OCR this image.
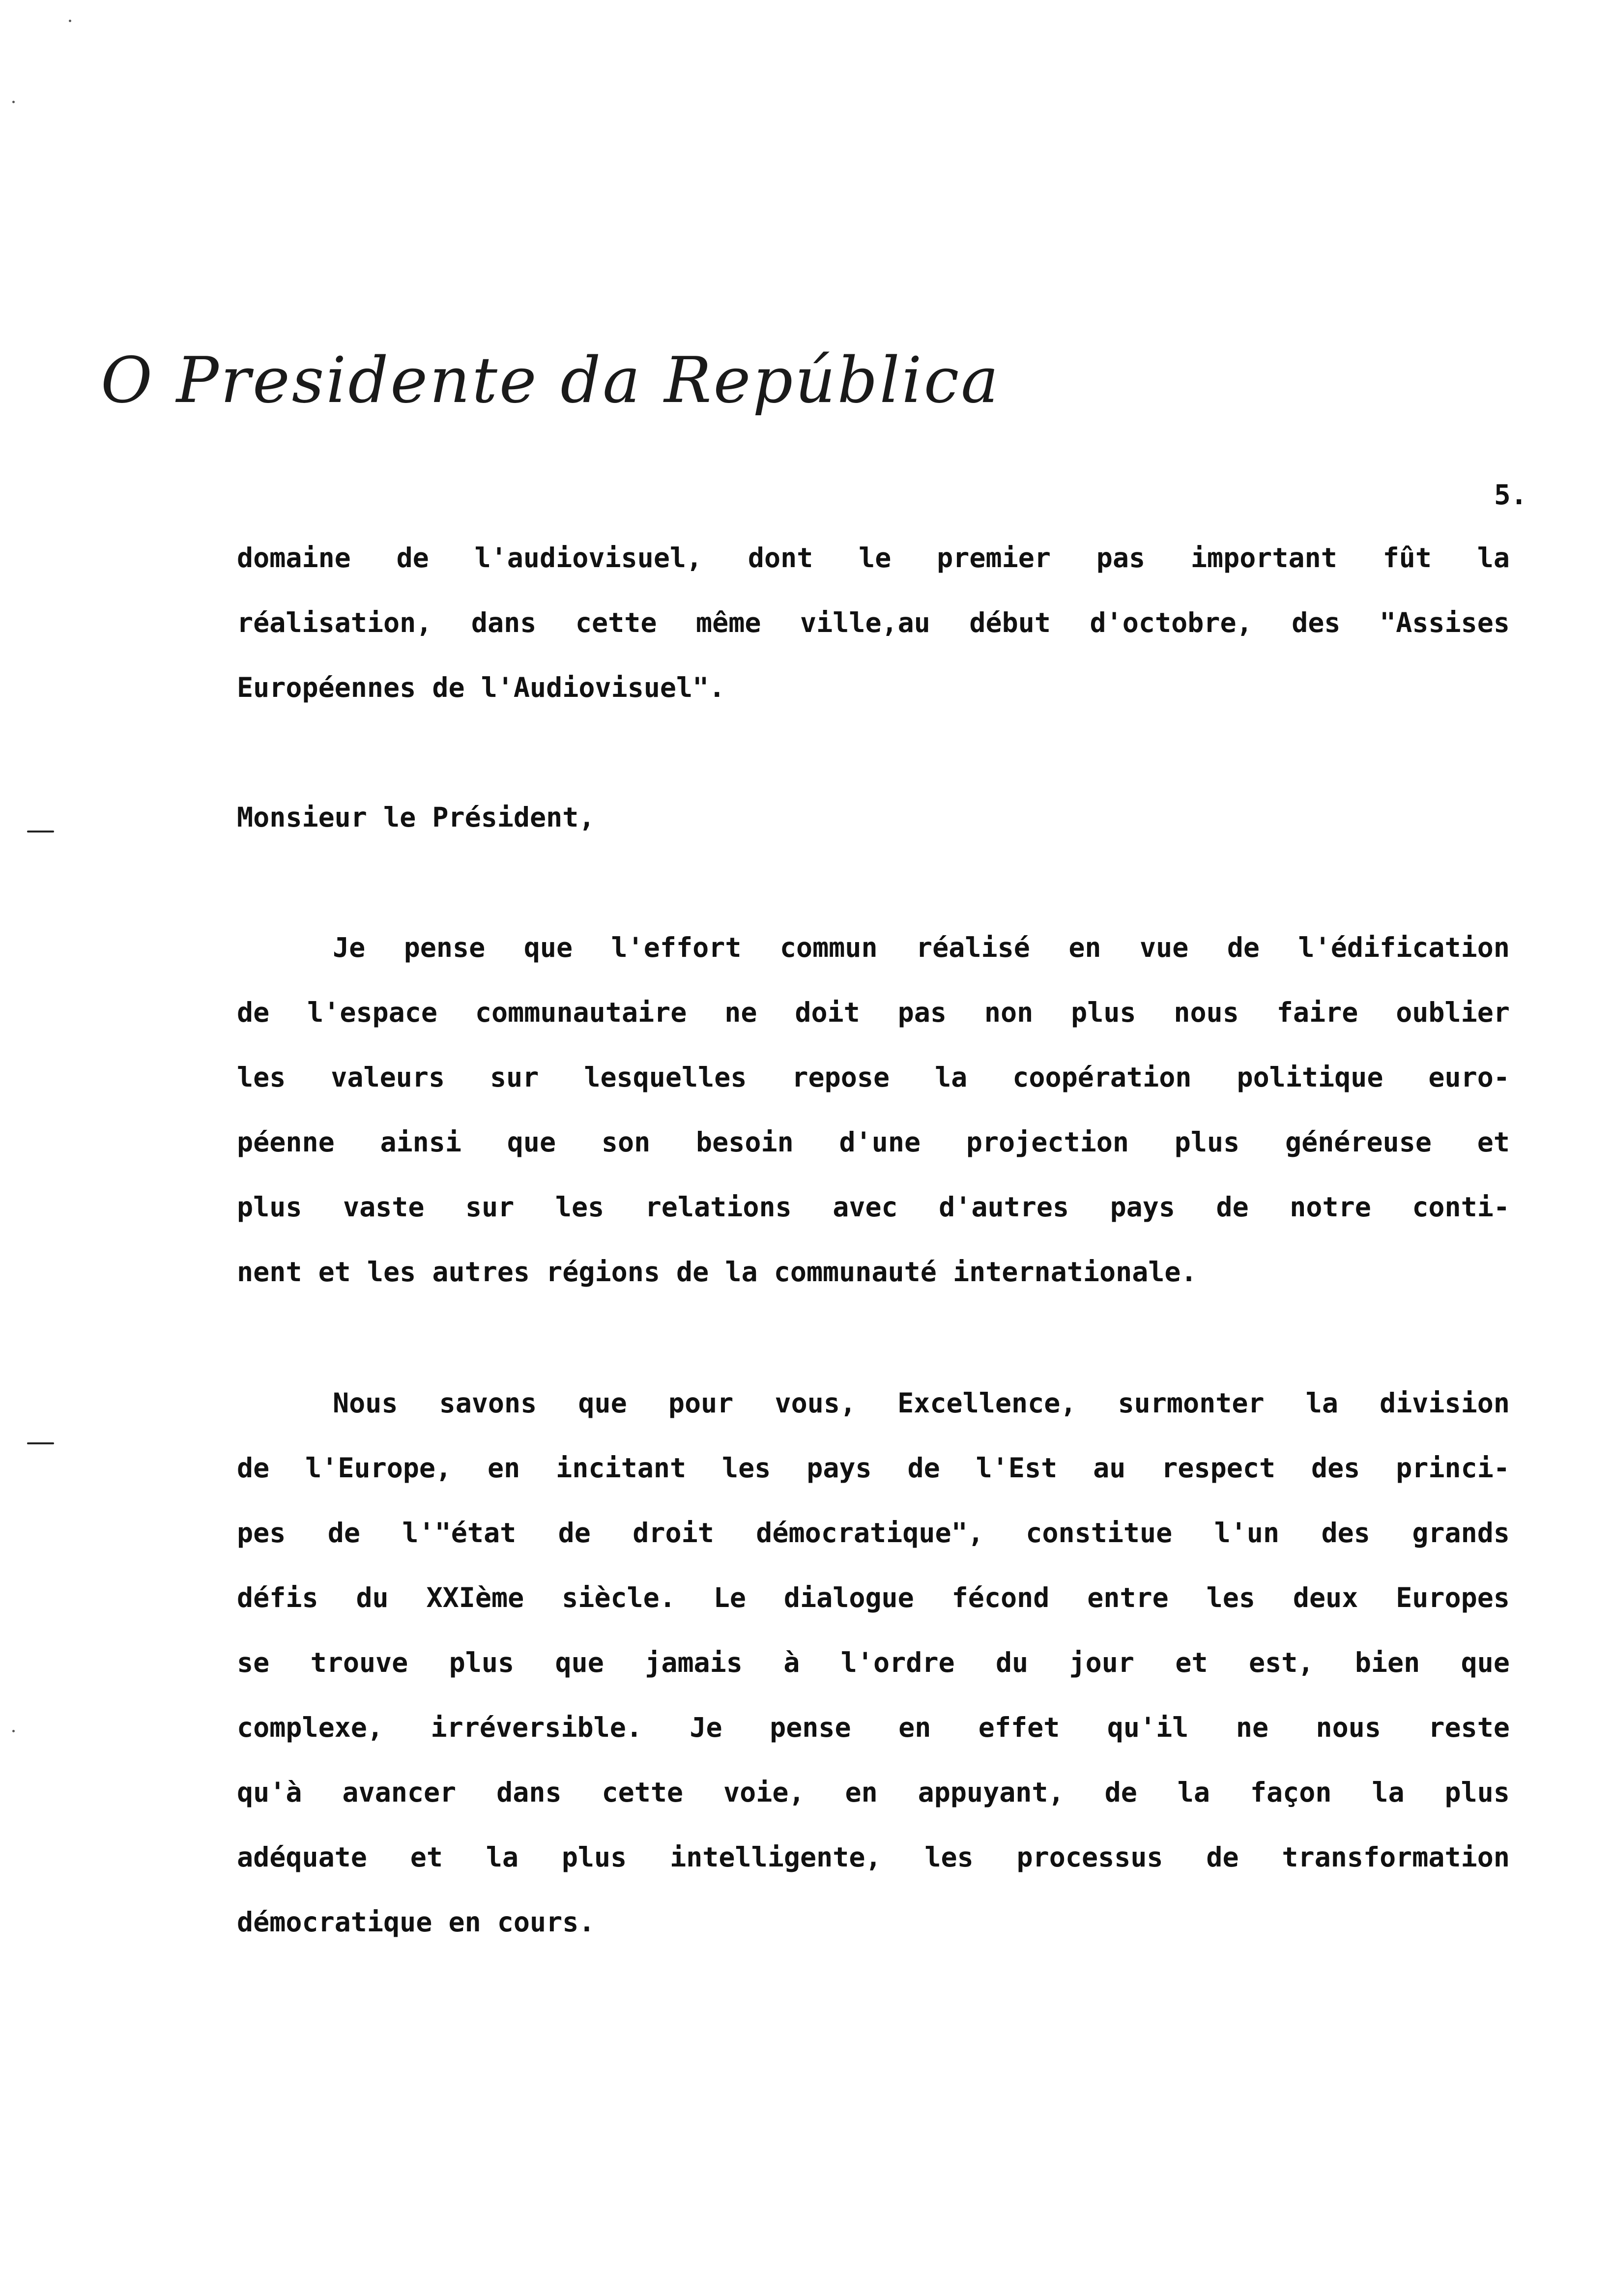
O Presidente da República
5.
domaine de l'audiovisuel, dont le premier pas important fût la
réalisation, dans cette même ville,au début d'octobre, des "Assises
Européennes de l'Audiovisuel".
Monsieur le Président,
Je pense que l'effort commun réalisé en vue de l'édification
de l'espace communautaire ne doit pas non plus nous faire oublier
les valeurs sur lesquelles repose la coopération politique euro-
péenne ainsi que son besoin d'une projection plus généreuse et
plus vaste sur les relations avec d'autres pays de notre conti-
nent et les autres régions de la communauté internationale.
Nous savons que pour vous, Excellence, surmonter la division
de l'Europe, en incitant les pays de l'Est au respect des princi-
pes de l'"état de droit démocratique", constitue l'un des grands
défis du XXIème siècle. Le dialogue fécond entre les deux Europes
se trouve plus que jamais à l'ordre du jour et est, bien que
complexe, irréversible. Je pense en effet qu'il ne nous reste
qu'à avancer dans cette voie, en appuyant, de la façon la plus
adéquate et la plus intelligente, les processus de transformation
démocratique en cours.
